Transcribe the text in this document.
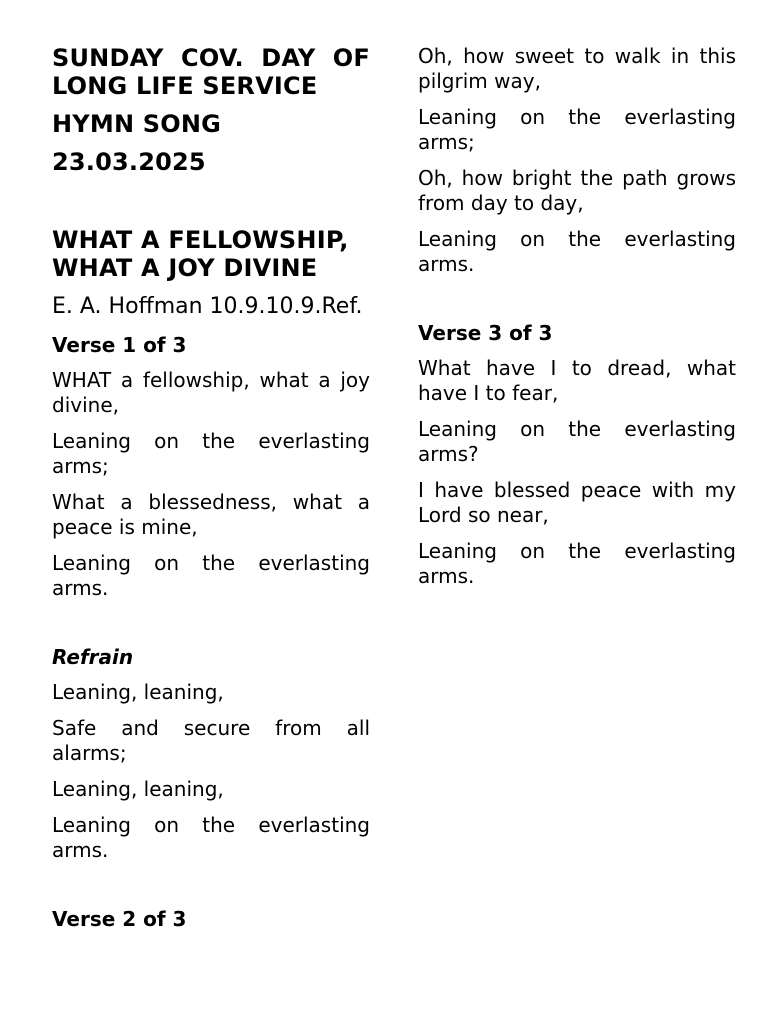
SUNDAY COV. DAY OF LONG LIFE SERVICE

HYMN SONG

23.03.2025

WHAT A FELLOWSHIP, WHAT A JOY DIVINE

E. A. Hoffman 10.9.10.9.Ref.

Verse 1 of 3

WHAT a fellowship, what a joy divine,

Leaning on the everlasting arms;

What a blessedness, what a peace is mine,

Leaning on the everlasting arms.

Refrain

Leaning, leaning,

Safe and secure from all alarms;

Leaning, leaning,

Leaning on the everlasting arms.

Verse 2 of 3

Oh, how sweet to walk in this pilgrim way,

Leaning on the everlasting arms;

Oh, how bright the path grows from day to day,

Leaning on the everlasting arms.

Verse 3 of 3

What have I to dread, what have I to fear,

Leaning on the everlasting arms?

I have blessed peace with my Lord so near,

Leaning on the everlasting arms.
